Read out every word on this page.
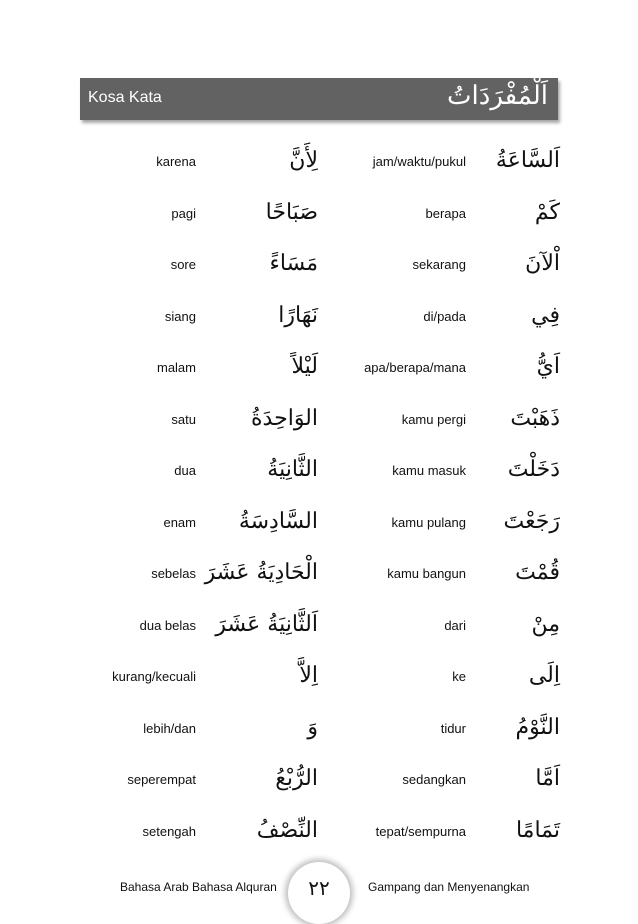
Kosa Kata	اَلْمُفْرَدَاتُ
karena	لِأَنَّ	jam/waktu/pukul اَلسَّاعَةُ
pagi	صَبَاحًا	berapa	كَمْ
sore	مَسَاءً	sekarang	اْلآنَ
siang	نَهَارًا	di/pada	فِي
malam	لَيْلاً	apa/berapa/mana	اَيُّ
satu	الوَاحِدَةُ	kamu pergi ذَهَبْتَ
dua	الثَّانِيَةُ	kamu masuk دَخَلْتَ
enam السَّادِسَةُ	kamu pulang رَجَعْتَ
sebelas الْحَادِيَةُ عَشَرَ	kamu bangun قُمْتَ
dua belas اَلثَّانِيَةُ عَشَرَ	dari	مِنْ
kurang/kecuali	اِلاَّ	ke	اِلَى
lebih/dan	وَ	tidur النَّوْمُ
seperempat	الرُّبْعُ	sedangkan	اَمَّا
setengah	النِّصْفُ	tepat/sempurna تَمَامًا
Bahasa Arab Bahasa Alquran	٢٢	Gampang dan Menyenangkan
